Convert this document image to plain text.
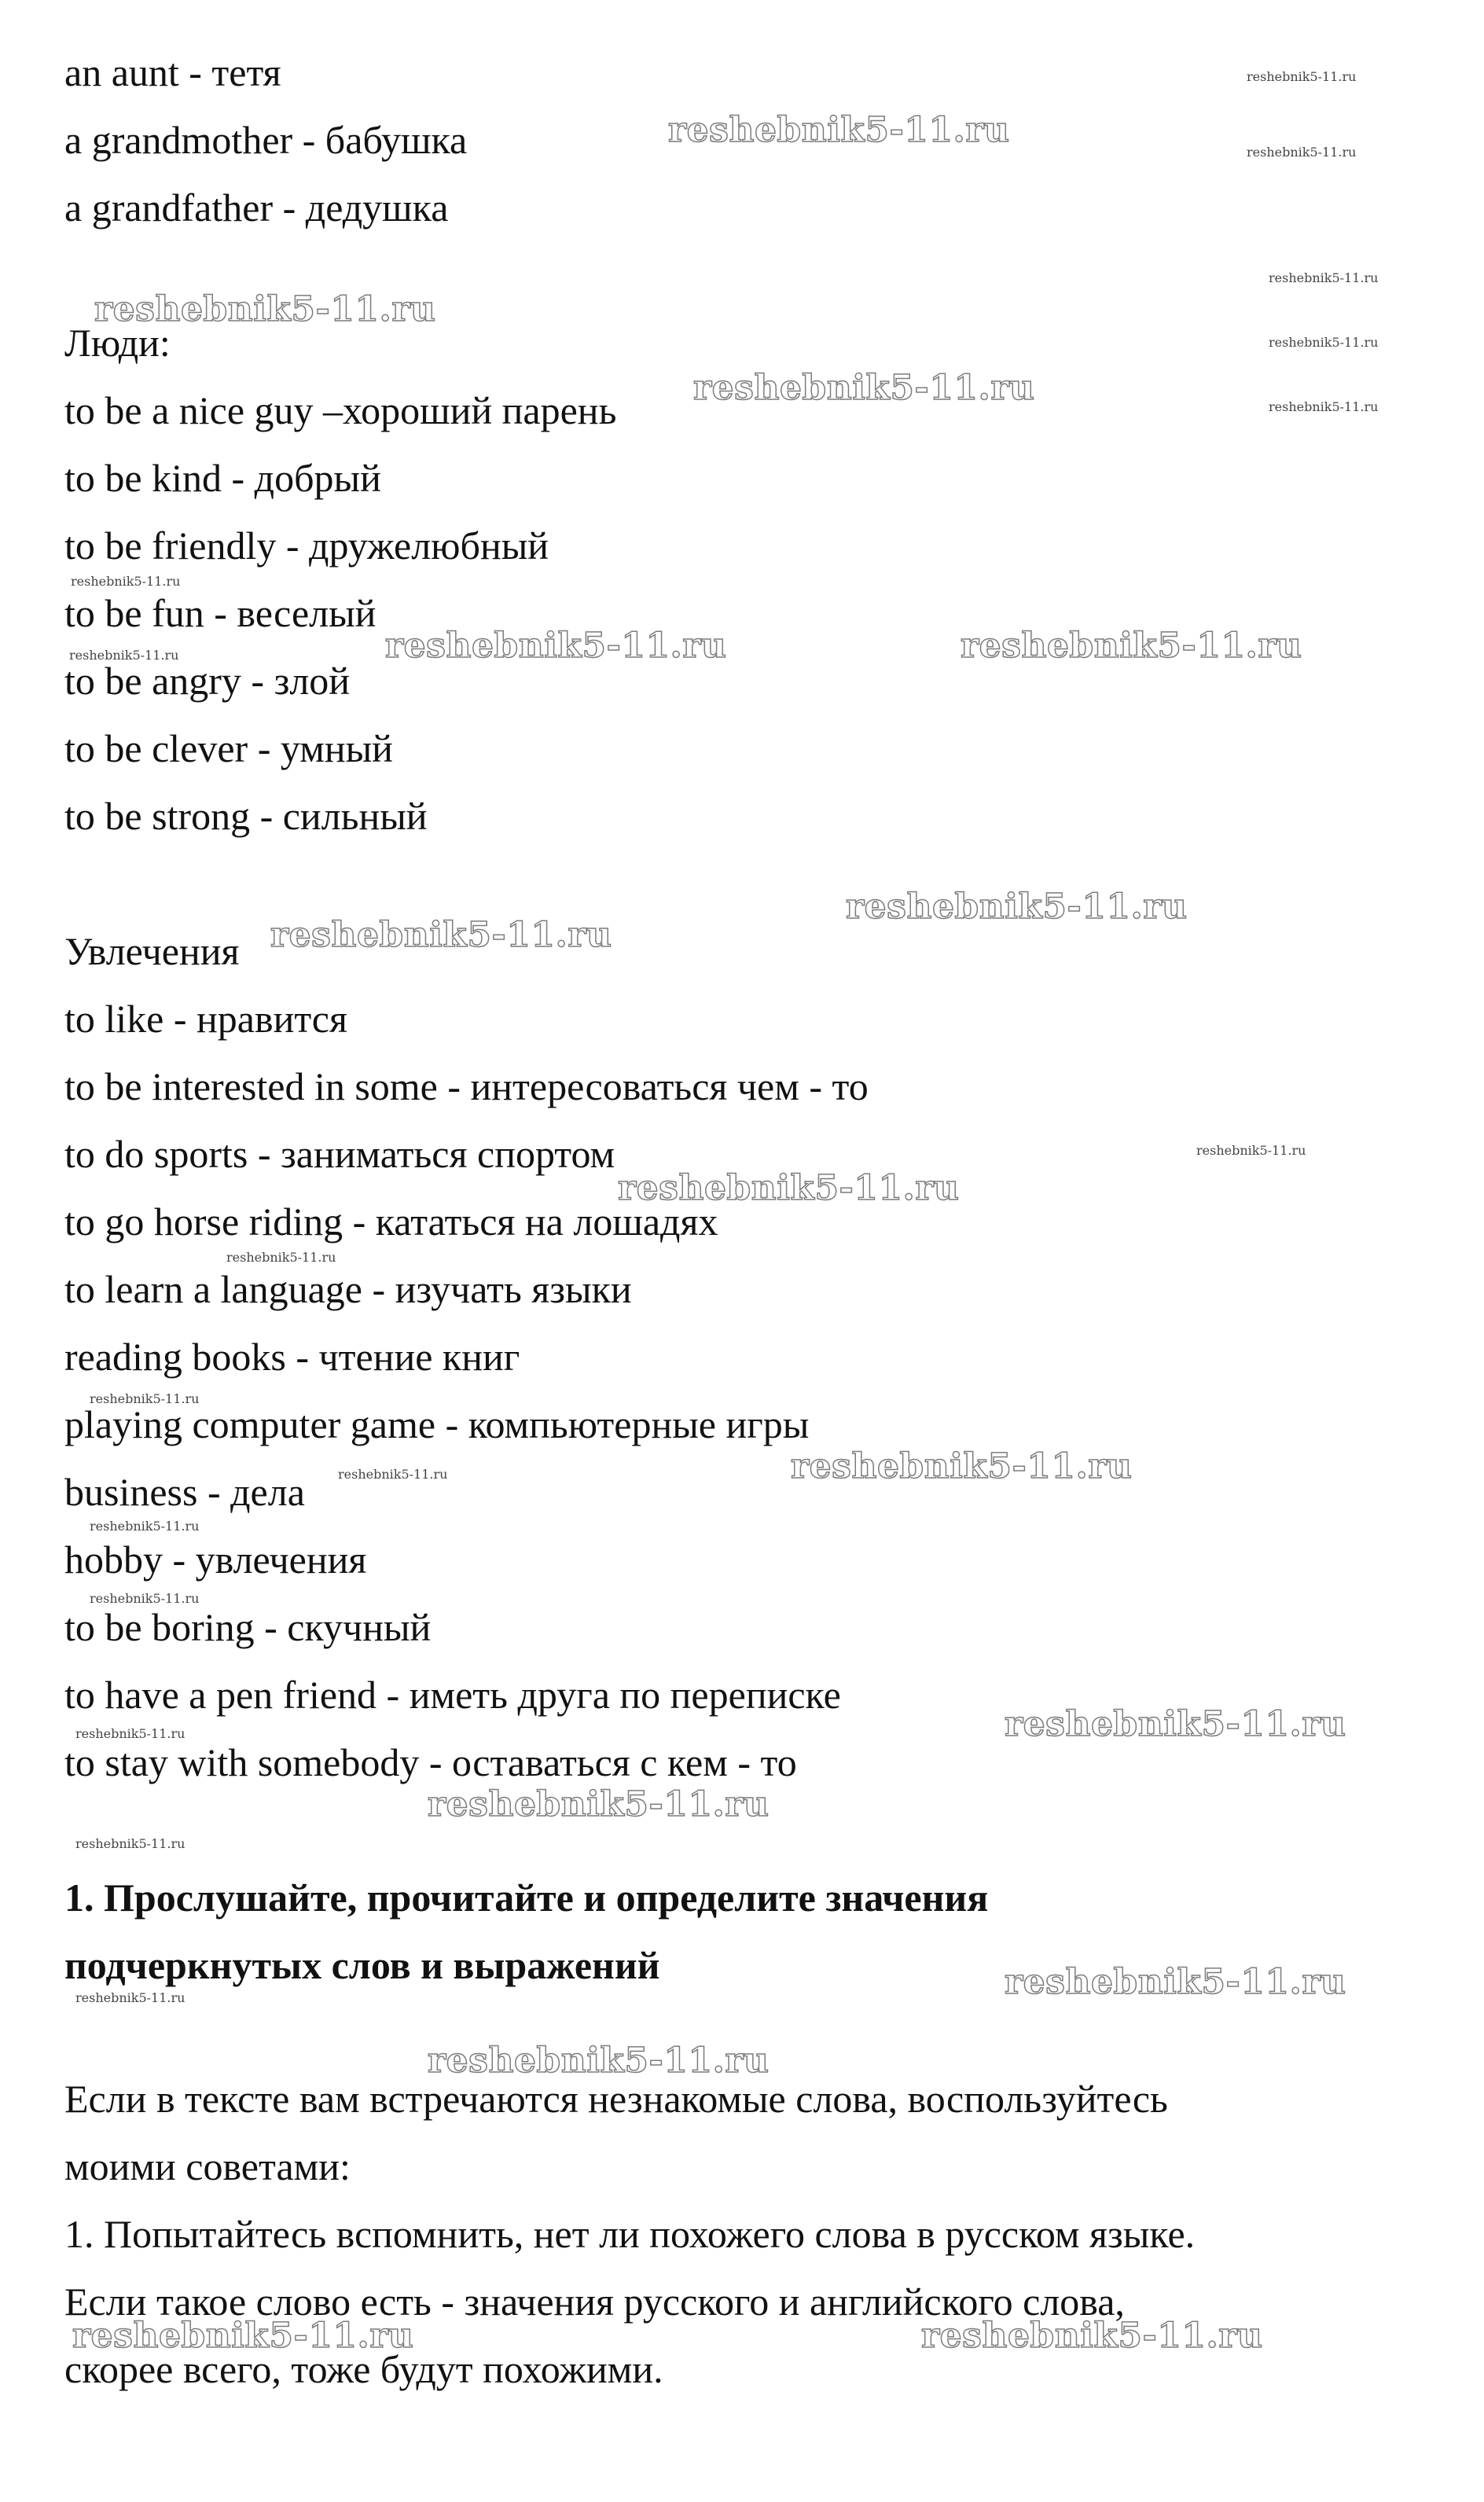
an aunt - тетя

a grandmother - бабушка

a grandfather - дедушка

Люди:

to be a nice guy –хороший парень

to be kind - добрый

to be friendly - дружелюбный

to be fun - веселый

to be angry - злой

to be clever - умный

to be strong - сильный

Увлечения

to like - нравится

to be interested in some - интересоваться чем - то

to do sports - заниматься спортом

to go horse riding - кататься на лошадях

to learn a language - изучать языки

reading books - чтение книг

playing computer game - компьютерные игры

business - дела

hobby - увлечения

to be boring - скучный

to have a pen friend - иметь друга по переписке

to stay with somebody - оставаться с кем - то

1. Прослушайте, прочитайте и определите значения

подчеркнутых слов и выражений

Если в тексте вам встречаются незнакомые слова, воспользуйтесь

моими советами:

1. Попытайтесь вспомнить, нет ли похожего слова в русском языке.

Если такое слово есть - значения русского и английского слова,

скорее всего, тоже будут похожими.

reshebnik5-11.ru
reshebnik5-11.ru
reshebnik5-11.ru
reshebnik5-11.ru	reshebnik5-11.ru
reshebnik5-11.ru
reshebnik5-11.ru
reshebnik5-11.ru
reshebnik5-11.ru
reshebnik5-11.ru
reshebnik5-11.ru
reshebnik5-11.ru
reshebnik5-11.ru
reshebnik5-11.ru	reshebnik5-11.ru
reshebnik5-11.ru
reshebnik5-11.ru
reshebnik5-11.ru
reshebnik5-11.ru
reshebnik5-11.ru
reshebnik5-11.ru
reshebnik5-11.ru
reshebnik5-11.ru
reshebnik5-11.ru
reshebnik5-11.ru
reshebnik5-11.ru
reshebnik5-11.ru
reshebnik5-11.ru
reshebnik5-11.ru
reshebnik5-11.ru
reshebnik5-11.ru
